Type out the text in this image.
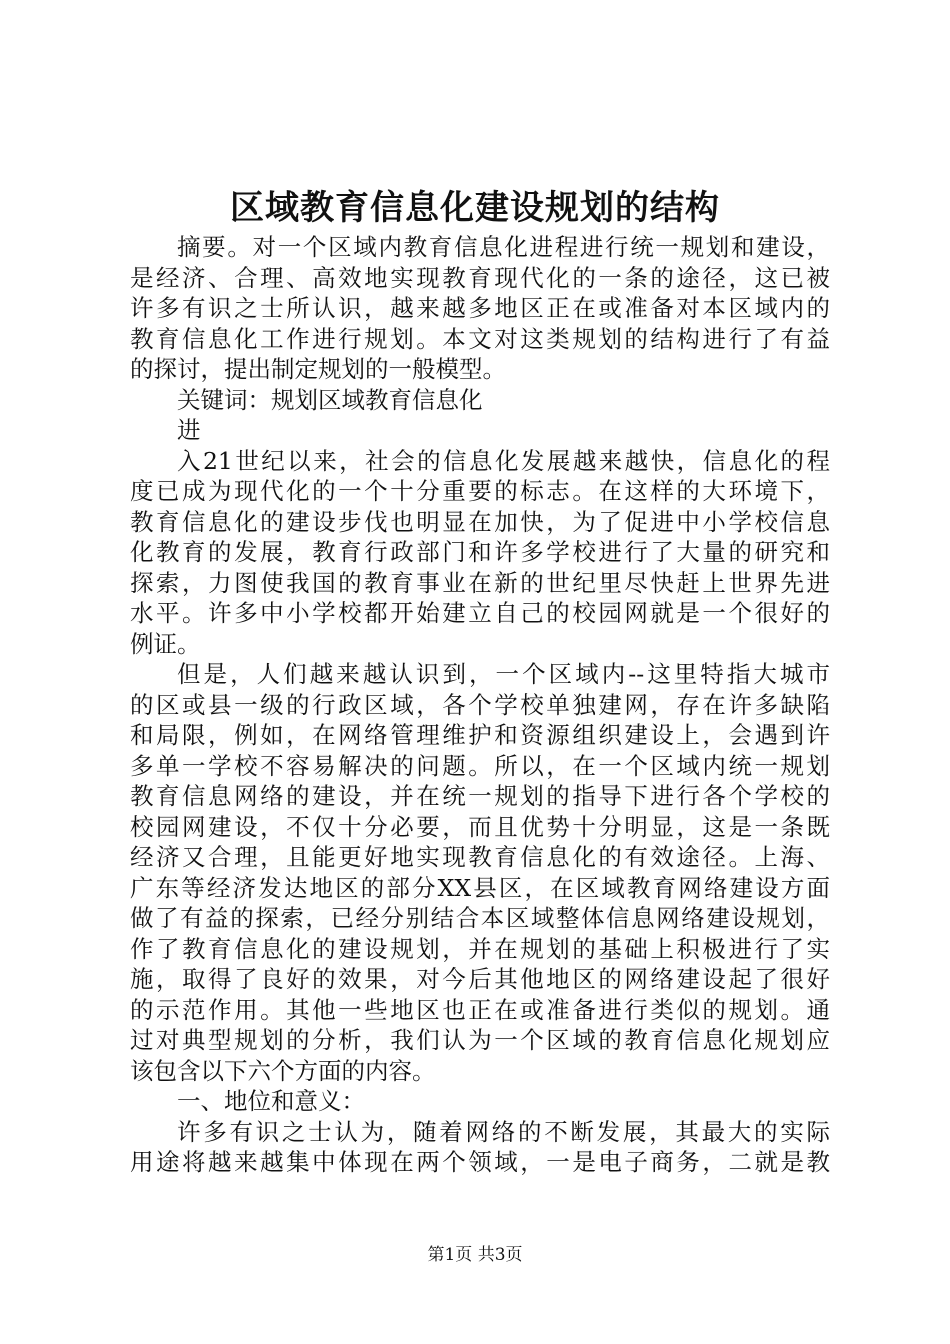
区域教育信息化建设规划的结构
摘要。对一个区域内教育信息化进程进行统一规划和建设，
是经济、合理、高效地实现教育现代化的一条的途径，这已被
许多有识之士所认识，越来越多地区正在或准备对本区域内的
教育信息化工作进行规划。本文对这类规划的结构进行了有益
的探讨，提出制定规划的一般模型。
关键词：规划区域教育信息化
进
入21世纪以来，社会的信息化发展越来越快，信息化的程
度已成为现代化的一个十分重要的标志。在这样的大环境下，
教育信息化的建设步伐也明显在加快，为了促进中小学校信息
化教育的发展，教育行政部门和许多学校进行了大量的研究和
探索，力图使我国的教育事业在新的世纪里尽快赶上世界先进
水平。许多中小学校都开始建立自己的校园网就是一个很好的
例证。
但是，人们越来越认识到，一个区域内--这里特指大城市
的区或县一级的行政区域，各个学校单独建网，存在许多缺陷
和局限，例如，在网络管理维护和资源组织建设上，会遇到许
多单一学校不容易解决的问题。所以，在一个区域内统一规划
教育信息网络的建设，并在统一规划的指导下进行各个学校的
校园网建设，不仅十分必要，而且优势十分明显，这是一条既
经济又合理，且能更好地实现教育信息化的有效途径。上海、
广东等经济发达地区的部分XX县区，在区域教育网络建设方面
做了有益的探索，已经分别结合本区域整体信息网络建设规划，
作了教育信息化的建设规划，并在规划的基础上积极进行了实
施，取得了良好的效果，对今后其他地区的网络建设起了很好
的示范作用。其他一些地区也正在或准备进行类似的规划。通
过对典型规划的分析，我们认为一个区域的教育信息化规划应
该包含以下六个方面的内容。
一、地位和意义：
许多有识之士认为，随着网络的不断发展，其最大的实际
用途将越来越集中体现在两个领域，一是电子商务，二就是教
第1页 共3页
